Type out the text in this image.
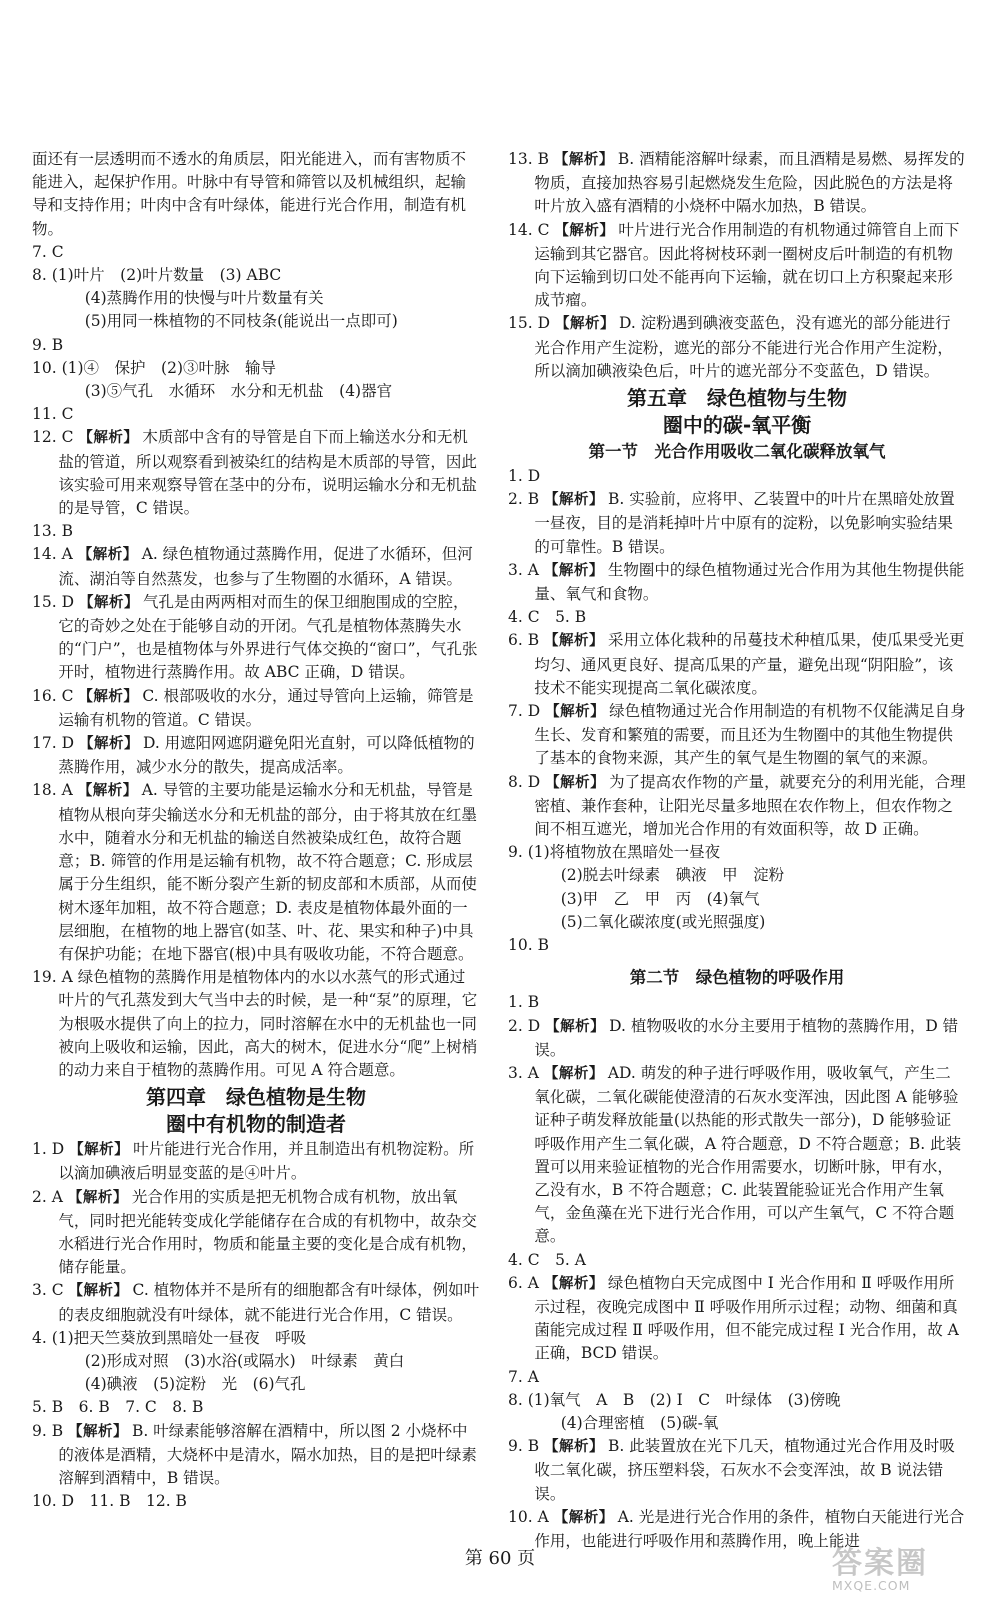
面还有一层透明而不透水的角质层，阳光能进入，而有害物质不能进入，起保护作用。叶脉中有导管和筛管以及机械组织，起输导和支持作用；叶肉中含有叶绿体，能进行光合作用，制造有机物。

7. C

8. (1)叶片　(2)叶片数量　(3) ABC
(4)蒸腾作用的快慢与叶片数量有关
(5)用同一株植物的不同枝条(能说出一点即可)

9. B

10. (1)④　保护　(2)③叶脉　输导
(3)⑤气孔　水循环　水分和无机盐　(4)器官

11. C

12. C 【解析】 木质部中含有的导管是自下而上输送水分和无机盐的管道，所以观察看到被染红的结构是木质部的导管，因此该实验可用来观察导管在茎中的分布，说明运输水分和无机盐的是导管，C 错误。

13. B

14. A 【解析】 A. 绿色植物通过蒸腾作用，促进了水循环，但河流、湖泊等自然蒸发，也参与了生物圈的水循环，A 错误。

15. D 【解析】 气孔是由两两相对而生的保卫细胞围成的空腔，它的奇妙之处在于能够自动的开闭。气孔是植物体蒸腾失水的“门户”，也是植物体与外界进行气体交换的“窗口”，气孔张开时，植物进行蒸腾作用。故 ABC 正确，D 错误。

16. C 【解析】 C. 根部吸收的水分，通过导管向上运输，筛管是运输有机物的管道。C 错误。

17. D 【解析】 D. 用遮阳网遮阴避免阳光直射，可以降低植物的蒸腾作用，减少水分的散失，提高成活率。

18. A 【解析】 A. 导管的主要功能是运输水分和无机盐，导管是植物从根向芽尖输送水分和无机盐的部分，由于将其放在红墨水中，随着水分和无机盐的输送自然被染成红色，故符合题意；B. 筛管的作用是运输有机物，故不符合题意；C. 形成层属于分生组织，能不断分裂产生新的韧皮部和木质部，从而使树木逐年加粗，故不符合题意；D. 表皮是植物体最外面的一层细胞，在植物的地上器官(如茎、叶、花、果实和种子)中具有保护功能；在地下器官(根)中具有吸收功能，不符合题意。

19. A 绿色植物的蒸腾作用是植物体内的水以水蒸气的形式通过叶片的气孔蒸发到大气当中去的时候，是一种“泵”的原理，它为根吸水提供了向上的拉力，同时溶解在水中的无机盐也一同被向上吸收和运输，因此，高大的树木，促进水分“爬”上树梢的动力来自于植物的蒸腾作用。可见 A 符合题意。

第四章　绿色植物是生物
圈中有机物的制造者

1. D 【解析】 叶片能进行光合作用，并且制造出有机物淀粉。所以滴加碘液后明显变蓝的是④叶片。

2. A 【解析】 光合作用的实质是把无机物合成有机物，放出氧气，同时把光能转变成化学能储存在合成的有机物中，故杂交水稻进行光合作用时，物质和能量主要的变化是合成有机物，储存能量。

3. C 【解析】 C. 植物体并不是所有的细胞都含有叶绿体，例如叶的表皮细胞就没有叶绿体，就不能进行光合作用，C 错误。

4. (1)把天竺葵放到黑暗处一昼夜　呼吸
(2)形成对照　(3)水浴(或隔水)　叶绿素　黄白
(4)碘液　(5)淀粉　光　(6)气孔

5. B　6. B　7. C　8. B

9. B 【解析】 B. 叶绿素能够溶解在酒精中，所以图 2 小烧杯中的液体是酒精，大烧杯中是清水，隔水加热，目的是把叶绿素溶解到酒精中，B 错误。

10. D　11. B　12. B

13. B 【解析】 B. 酒精能溶解叶绿素，而且酒精是易燃、易挥发的物质，直接加热容易引起燃烧发生危险，因此脱色的方法是将叶片放入盛有酒精的小烧杯中隔水加热，B 错误。

14. C 【解析】 叶片进行光合作用制造的有机物通过筛管自上而下运输到其它器官。因此将树枝环剥一圈树皮后叶制造的有机物向下运输到切口处不能再向下运输，就在切口上方积聚起来形成节瘤。

15. D 【解析】 D. 淀粉遇到碘液变蓝色，没有遮光的部分能进行光合作用产生淀粉，遮光的部分不能进行光合作用产生淀粉，所以滴加碘液染色后，叶片的遮光部分不变蓝色，D 错误。

第五章　绿色植物与生物
圈中的碳-氧平衡
第一节　光合作用吸收二氧化碳释放氧气

1. D

2. B 【解析】 B. 实验前，应将甲、乙装置中的叶片在黑暗处放置一昼夜，目的是消耗掉叶片中原有的淀粉，以免影响实验结果的可靠性。B 错误。

3. A 【解析】 生物圈中的绿色植物通过光合作用为其他生物提供能量、氧气和食物。

4. C　5. B

6. B 【解析】 采用立体化栽种的吊蔓技术种植瓜果，使瓜果受光更均匀、通风更良好、提高瓜果的产量，避免出现“阴阳脸”，该技术不能实现提高二氧化碳浓度。

7. D 【解析】 绿色植物通过光合作用制造的有机物不仅能满足自身生长、发育和繁殖的需要，而且还为生物圈中的其他生物提供了基本的食物来源，其产生的氧气是生物圈的氧气的来源。

8. D 【解析】 为了提高农作物的产量，就要充分的利用光能，合理密植、兼作套种，让阳光尽量多地照在农作物上，但农作物之间不相互遮光，增加光合作用的有效面积等，故 D 正确。

9. (1)将植物放在黑暗处一昼夜
(2)脱去叶绿素　碘液　甲　淀粉
(3)甲　乙　甲　丙　(4)氧气
(5)二氧化碳浓度(或光照强度)

10. B

第二节　绿色植物的呼吸作用

1. B

2. D 【解析】 D. 植物吸收的水分主要用于植物的蒸腾作用，D 错误。

3. A 【解析】 AD. 萌发的种子进行呼吸作用，吸收氧气，产生二氧化碳，二氧化碳能使澄清的石灰水变浑浊，因此图 A 能够验证种子萌发释放能量(以热能的形式散失一部分)，D 能够验证呼吸作用产生二氧化碳，A 符合题意，D 不符合题意；B. 此装置可以用来验证植物的光合作用需要水，切断叶脉，甲有水，乙没有水，B 不符合题意；C. 此装置能验证光合作用产生氧气，金鱼藻在光下进行光合作用，可以产生氧气，C 不符合题意。

4. C　5. A

6. A 【解析】 绿色植物白天完成图中 Ⅰ 光合作用和 Ⅱ 呼吸作用所示过程，夜晚完成图中 Ⅱ 呼吸作用所示过程；动物、细菌和真菌能完成过程 Ⅱ 呼吸作用，但不能完成过程 Ⅰ 光合作用，故 A 正确，BCD 错误。

7. A

8. (1)氧气　A　B　(2) Ⅰ　C　叶绿体　(3)傍晚
(4)合理密植　(5)碳-氧

9. B 【解析】 B. 此装置放在光下几天，植物通过光合作用及时吸收二氧化碳，挤压塑料袋，石灰水不会变浑浊，故 B 说法错误。

10. A 【解析】 A. 光是进行光合作用的条件，植物白天能进行光合作用，也能进行呼吸作用和蒸腾作用，晚上能进

第 60 页	答案圈
MXQE.COM
